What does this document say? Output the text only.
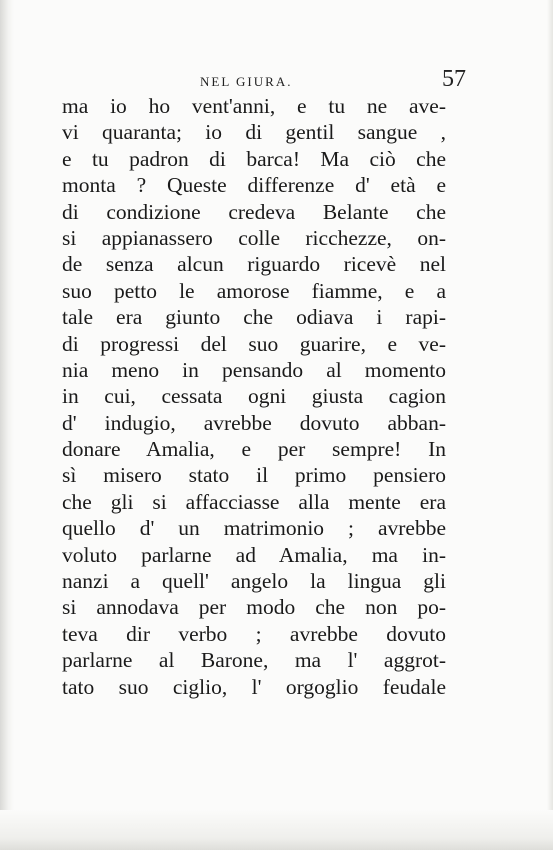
NEL GIURA.	57
ma io ho vent'anni, e tu ne ave-
vi quaranta; io di gentil sangue ,
e tu padron di barca! Ma ciò che
monta ? Queste differenze d' età e
di condizione credeva Belante che
si appianassero colle ricchezze, on-
de senza alcun riguardo ricevè nel
suo petto le amorose fiamme, e a
tale era giunto che odiava i rapi-
di progressi del suo guarire, e ve-
nia meno in pensando al momento
in cui, cessata ogni giusta cagion
d' indugio, avrebbe dovuto abban-
donare Amalia, e per sempre! In
sì misero stato il primo pensiero
che gli si affacciasse alla mente era
quello d' un matrimonio ; avrebbe
voluto parlarne ad Amalia, ma in-
nanzi a quell' angelo la lingua gli
si annodava per modo che non po-
teva dir verbo ; avrebbe dovuto
parlarne al Barone, ma l' aggrot-
tato suo ciglio, l' orgoglio feudale
